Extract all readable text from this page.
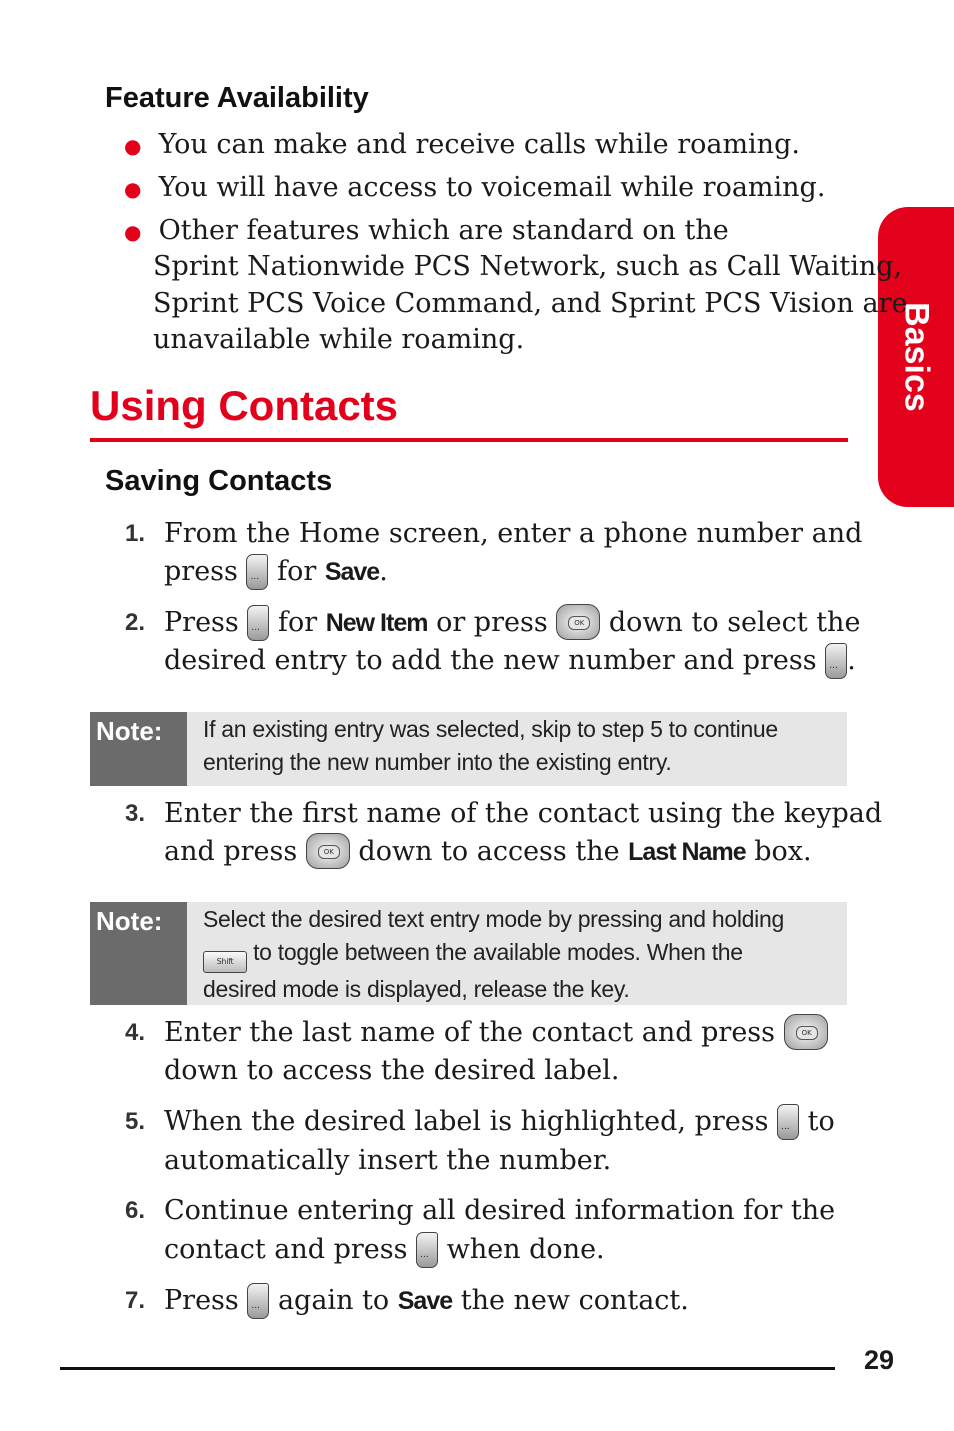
Basics
Feature Availability
● You can make and receive calls while roaming.
● You will have access to voicemail while roaming.
● Other features which are standard on the
Sprint Nationwide PCS Network, such as Call Waiting,
Sprint PCS Voice Command, and Sprint PCS Vision are
unavailable while roaming.
Using Contacts
Saving Contacts
1. From the Home screen, enter a phone number and
press ... for Save.
2. Press ... for New Item or press OK down to select the
desired entry to add the new number and press ... .
Note:	If an existing entry was selected, skip to step 5 to continue

entering the new number into the existing entry.

3. Enter the first name of the contact using the keypad
and press OK down to access the Last Name box.
Note:	Select the desired text entry mode by pressing and holding

Shift to toggle between the available modes. When the

desired mode is displayed, release the key.

4. Enter the last name of the contact and press OK
down to access the desired label.
5. When the desired label is highlighted, press ... to
automatically insert the number.
6. Continue entering all desired information for the
contact and press ... when done.
7. Press ... again to Save the new contact.
29
